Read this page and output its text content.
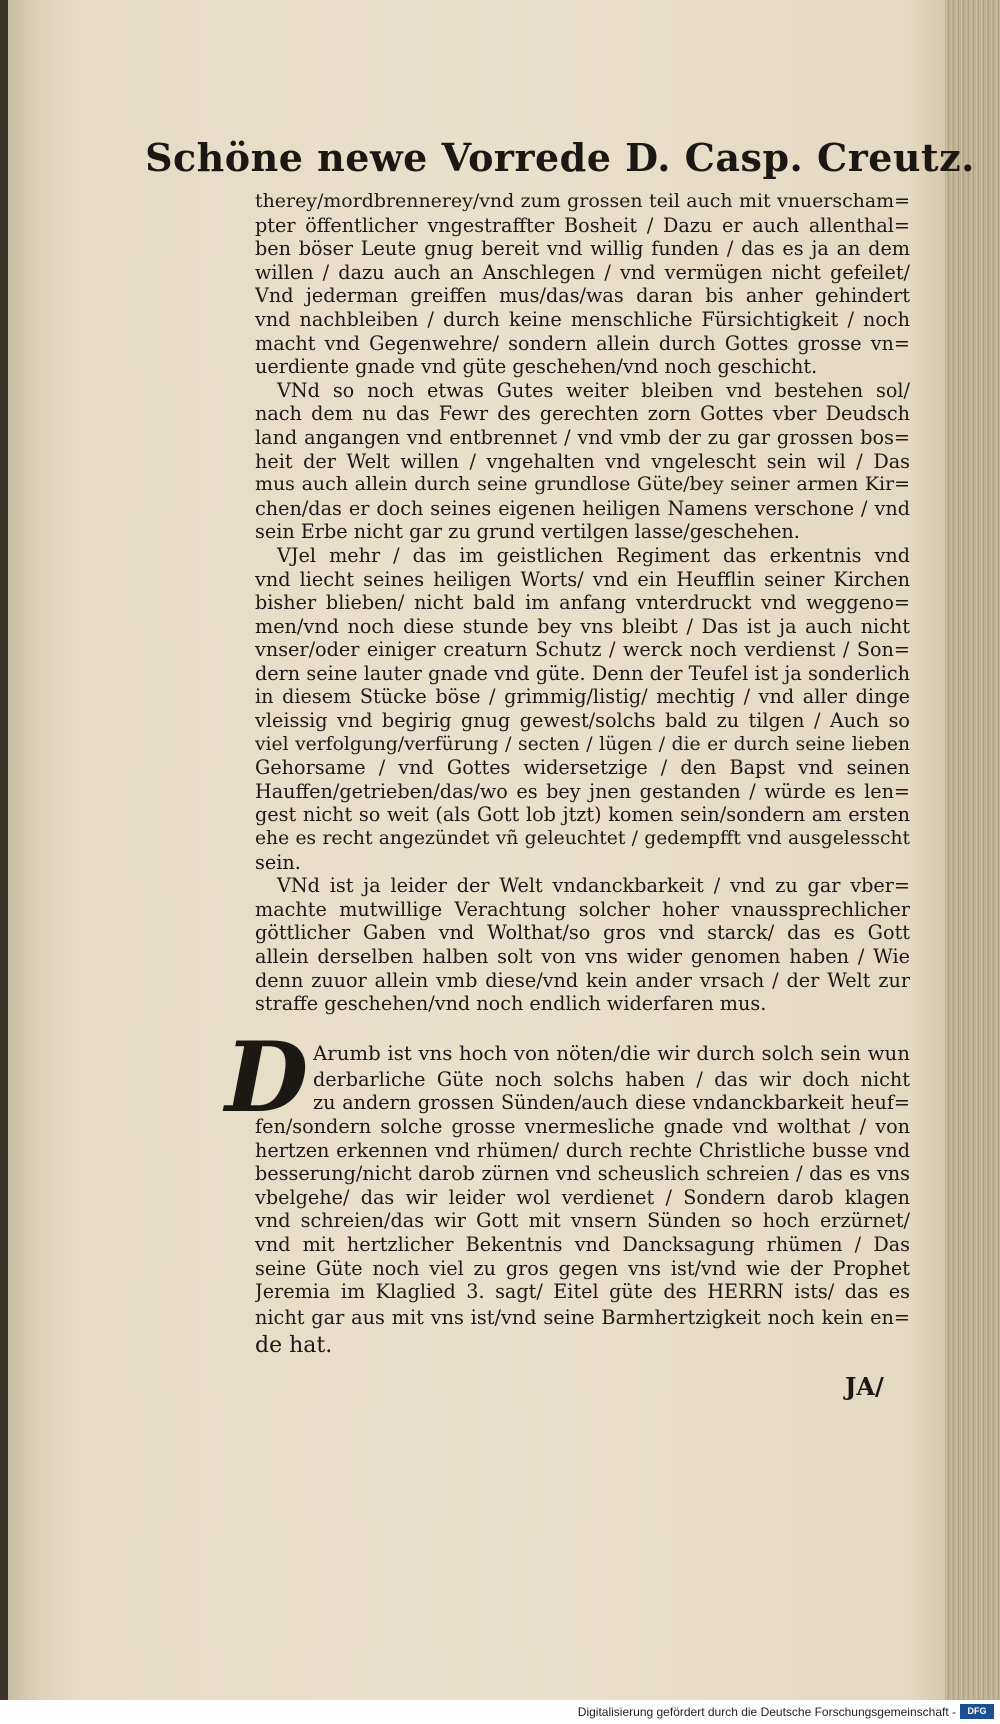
Schöne newe Vorrede D. Casp. Creutz.
therey/mordbrennerey/vnd zum grossen teil auch mit vnuerscham=
pter öffentlicher vngestraffter Bosheit / Dazu er auch allenthal=
ben böser Leute gnug bereit vnd willig funden / das es ja an dem
willen / dazu auch an Anschlegen / vnd vermügen nicht gefeilet/
Vnd jederman greiffen mus/das/was daran bis anher gehindert
vnd nachbleiben / durch keine menschliche Fürsichtigkeit / noch
macht vnd Gegenwehre/ sondern allein durch Gottes grosse vn=
uerdiente gnade vnd güte geschehen/vnd noch geschicht.
VNd so noch etwas Gutes weiter bleiben vnd bestehen sol/
nach dem nu das Fewr des gerechten zorn Gottes vber Deudsch
land angangen vnd entbrennet / vnd vmb der zu gar grossen bos=
heit der Welt willen / vngehalten vnd vngelescht sein wil / Das
mus auch allein durch seine grundlose Güte/bey seiner armen Kir=
chen/das er doch seines eigenen heiligen Namens verschone / vnd
sein Erbe nicht gar zu grund vertilgen lasse/geschehen.
VJel mehr / das im geistlichen Regiment das erkentnis vnd
vnd liecht seines heiligen Worts/ vnd ein Heufflin seiner Kirchen
bisher blieben/ nicht bald im anfang vnterdruckt vnd weggeno=
men/vnd noch diese stunde bey vns bleibt / Das ist ja auch nicht
vnser/oder einiger creaturn Schutz / werck noch verdienst / Son=
dern seine lauter gnade vnd güte. Denn der Teufel ist ja sonderlich
in diesem Stücke böse / grimmig/listig/ mechtig / vnd aller dinge
vleissig vnd begirig gnug gewest/solchs bald zu tilgen / Auch so
viel verfolgung/verfürung / secten / lügen / die er durch seine lieben
Gehorsame / vnd Gottes widersetzige / den Bapst vnd seinen
Hauffen/getrieben/das/wo es bey jnen gestanden / würde es len=
gest nicht so weit (als Gott lob jtzt) komen sein/sondern am ersten
ehe es recht angezündet vñ geleuchtet / gedempfft vnd ausgelesscht
sein.
VNd ist ja leider der Welt vndanckbarkeit / vnd zu gar vber=
machte mutwillige Verachtung solcher hoher vnaussprechlicher
göttlicher Gaben vnd Wolthat/so gros vnd starck/ das es Gott
allein derselben halben solt von vns wider genomen haben / Wie
denn zuuor allein vmb diese/vnd kein ander vrsach / der Welt zur
straffe geschehen/vnd noch endlich widerfaren mus.
D Arumb ist vns hoch von nöten/die wir durch solch sein wun
derbarliche Güte noch solchs haben / das wir doch nicht
zu andern grossen Sünden/auch diese vndanckbarkeit heuf=
fen/sondern solche grosse vnermesliche gnade vnd wolthat / von
hertzen erkennen vnd rhümen/ durch rechte Christliche busse vnd
besserung/nicht darob zürnen vnd scheuslich schreien / das es vns
vbelgehe/ das wir leider wol verdienet / Sondern darob klagen
vnd schreien/das wir Gott mit vnsern Sünden so hoch erzürnet/
vnd mit hertzlicher Bekentnis vnd Dancksagung rhümen / Das
seine Güte noch viel zu gros gegen vns ist/vnd wie der Prophet
Jeremia im Klaglied 3. sagt/ Eitel güte des HERRN ists/ das es
nicht gar aus mit vns ist/vnd seine Barmhertzigkeit noch kein en=
de hat.
JA/
Digitalisierung gefördert durch die Deutsche Forschungsgemeinschaft -	DFG
